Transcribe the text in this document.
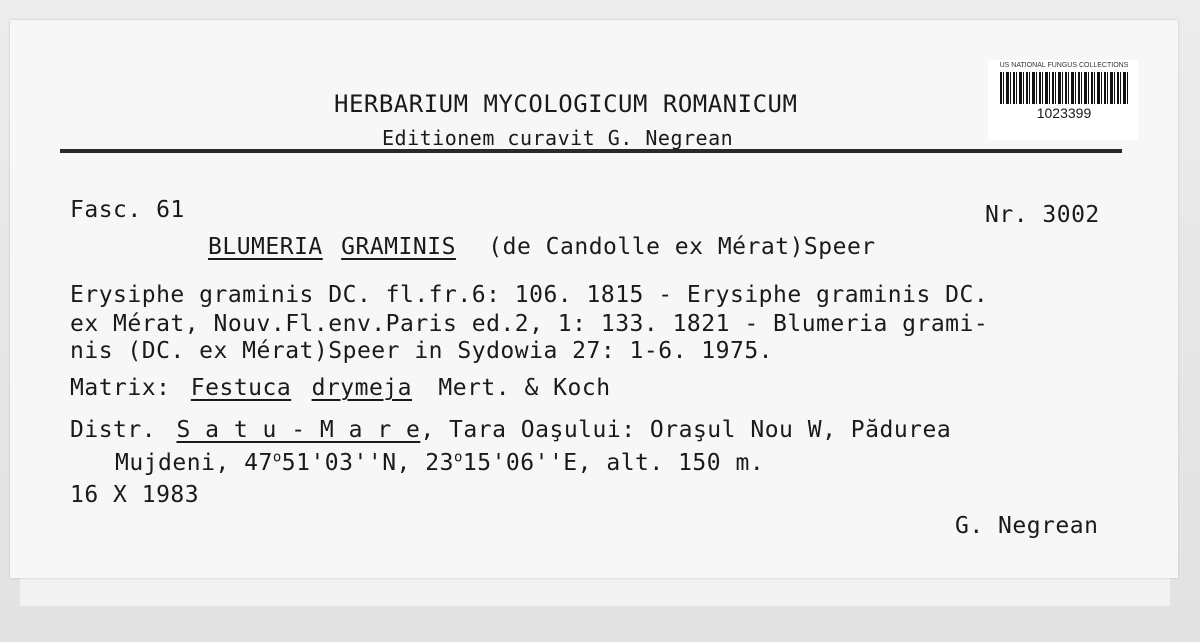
HERBARIUM MYCOLOGICUM ROMANICUM
Editionem curavit G. Negrean
US NATIONAL FUNGUS COLLECTIONS
1023399
Fasc. 61	Nr. 3002
BLUMERIA GRAMINIS (de Candolle ex Mérat)Speer
Erysiphe graminis DC. fl.fr.6: 106. 1815 - Erysiphe graminis DC.
ex Mérat, Nouv.Fl.env.Paris ed.2, 1: 133. 1821 - Blumeria grami-
nis (DC. ex Mérat)Speer in Sydowia 27: 1-6. 1975.
Matrix: Festuca drymeja Mert. & Koch
Distr. S a t u - M a r e, Tara Oaşului: Oraşul Nou W, Pădurea
Mujdeni, 47$^o$51'03''N, 23$^o$15'06''E, alt. 150 m.
16 X 1983
G. Negrean
